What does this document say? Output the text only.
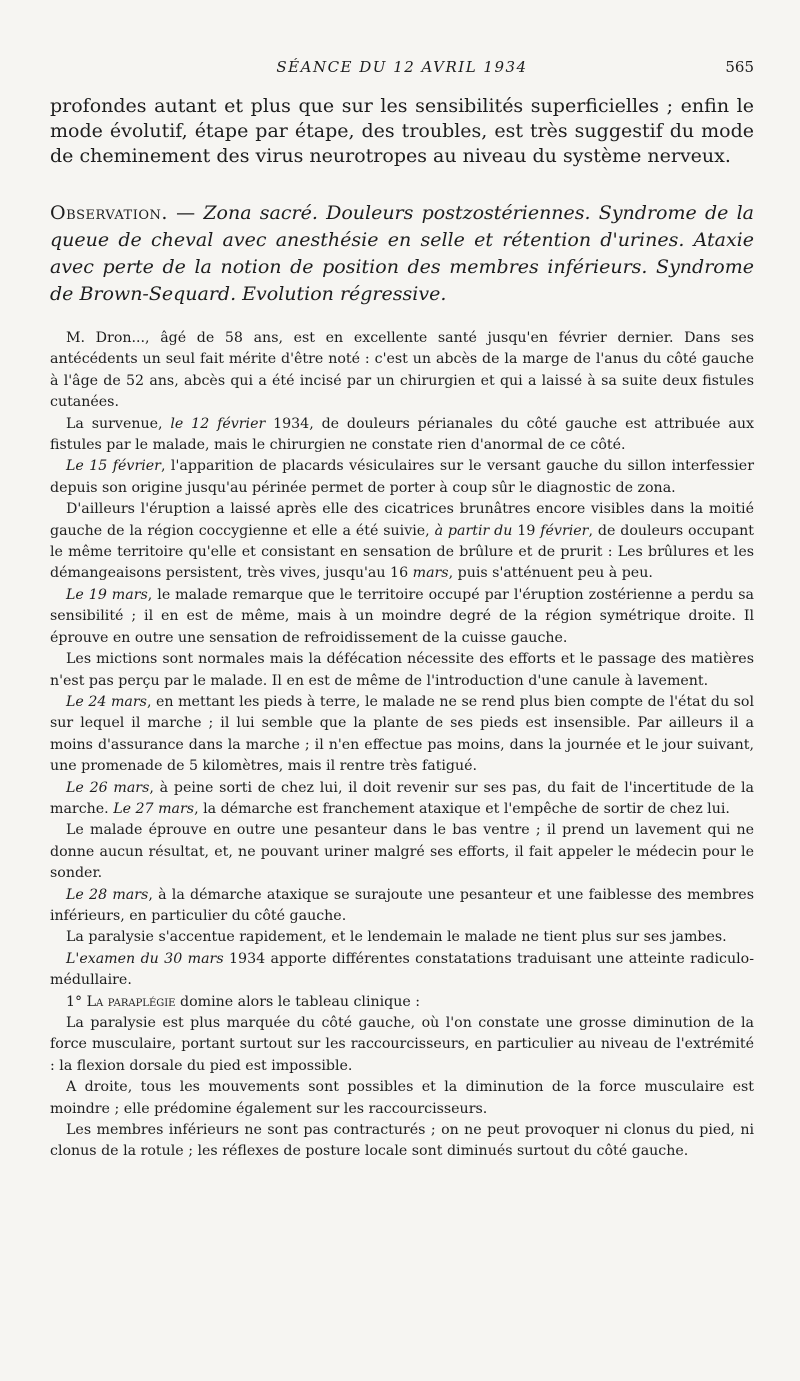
SÉANCE DU 12 AVRIL 1934	565
profondes autant et plus que sur les sensibilités superficielles ; enfin le mode évolutif, étape par étape, des troubles, est très suggestif du mode de cheminement des virus neurotropes au niveau du système nerveux.
Observation. — Zona sacré. Douleurs postzostériennes. Syndrome de la queue de cheval avec anesthésie en selle et rétention d'urines. Ataxie avec perte de la notion de position des membres inférieurs. Syndrome de Brown-Sequard. Evolution régressive.

M. Dron..., âgé de 58 ans, est en excellente santé jusqu'en février dernier. Dans ses antécédents un seul fait mérite d'être noté : c'est un abcès de la marge de l'anus du côté gauche à l'âge de 52 ans, abcès qui a été incisé par un chirurgien et qui a laissé à sa suite deux fistules cutanées.

La survenue, le 12 février 1934, de douleurs périanales du côté gauche est attribuée aux fistules par le malade, mais le chirurgien ne constate rien d'anormal de ce côté.

Le 15 février, l'apparition de placards vésiculaires sur le versant gauche du sillon interfessier depuis son origine jusqu'au périnée permet de porter à coup sûr le diagnostic de zona.

D'ailleurs l'éruption a laissé après elle des cicatrices brunâtres encore visibles dans la moitié gauche de la région coccygienne et elle a été suivie, à partir du 19 février, de douleurs occupant le même territoire qu'elle et consistant en sensation de brûlure et de prurit : Les brûlures et les démangeaisons persistent, très vives, jusqu'au 16 mars, puis s'atténuent peu à peu.

Le 19 mars, le malade remarque que le territoire occupé par l'éruption zostérienne a perdu sa sensibilité ; il en est de même, mais à un moindre degré de la région symétrique droite. Il éprouve en outre une sensation de refroidissement de la cuisse gauche.

Les mictions sont normales mais la défécation nécessite des efforts et le passage des matières n'est pas perçu par le malade. Il en est de même de l'introduction d'une canule à lavement.

Le 24 mars, en mettant les pieds à terre, le malade ne se rend plus bien compte de l'état du sol sur lequel il marche ; il lui semble que la plante de ses pieds est insensible. Par ailleurs il a moins d'assurance dans la marche ; il n'en effectue pas moins, dans la journée et le jour suivant, une promenade de 5 kilomètres, mais il rentre très fatigué.

Le 26 mars, à peine sorti de chez lui, il doit revenir sur ses pas, du fait de l'incertitude de la marche. Le 27 mars, la démarche est franchement ataxique et l'empêche de sortir de chez lui.

Le malade éprouve en outre une pesanteur dans le bas ventre ; il prend un lavement qui ne donne aucun résultat, et, ne pouvant uriner malgré ses efforts, il fait appeler le médecin pour le sonder.

Le 28 mars, à la démarche ataxique se surajoute une pesanteur et une faiblesse des membres inférieurs, en particulier du côté gauche.

La paralysie s'accentue rapidement, et le lendemain le malade ne tient plus sur ses jambes.

L'examen du 30 mars 1934 apporte différentes constatations traduisant une atteinte radiculo-médullaire.

1° La paraplégie domine alors le tableau clinique :

La paralysie est plus marquée du côté gauche, où l'on constate une grosse diminution de la force musculaire, portant surtout sur les raccourcisseurs, en particulier au niveau de l'extrémité : la flexion dorsale du pied est impossible.

A droite, tous les mouvements sont possibles et la diminution de la force musculaire est moindre ; elle prédomine également sur les raccourcisseurs.

Les membres inférieurs ne sont pas contracturés ; on ne peut provoquer ni clonus du pied, ni clonus de la rotule ; les réflexes de posture locale sont diminués surtout du côté gauche.
